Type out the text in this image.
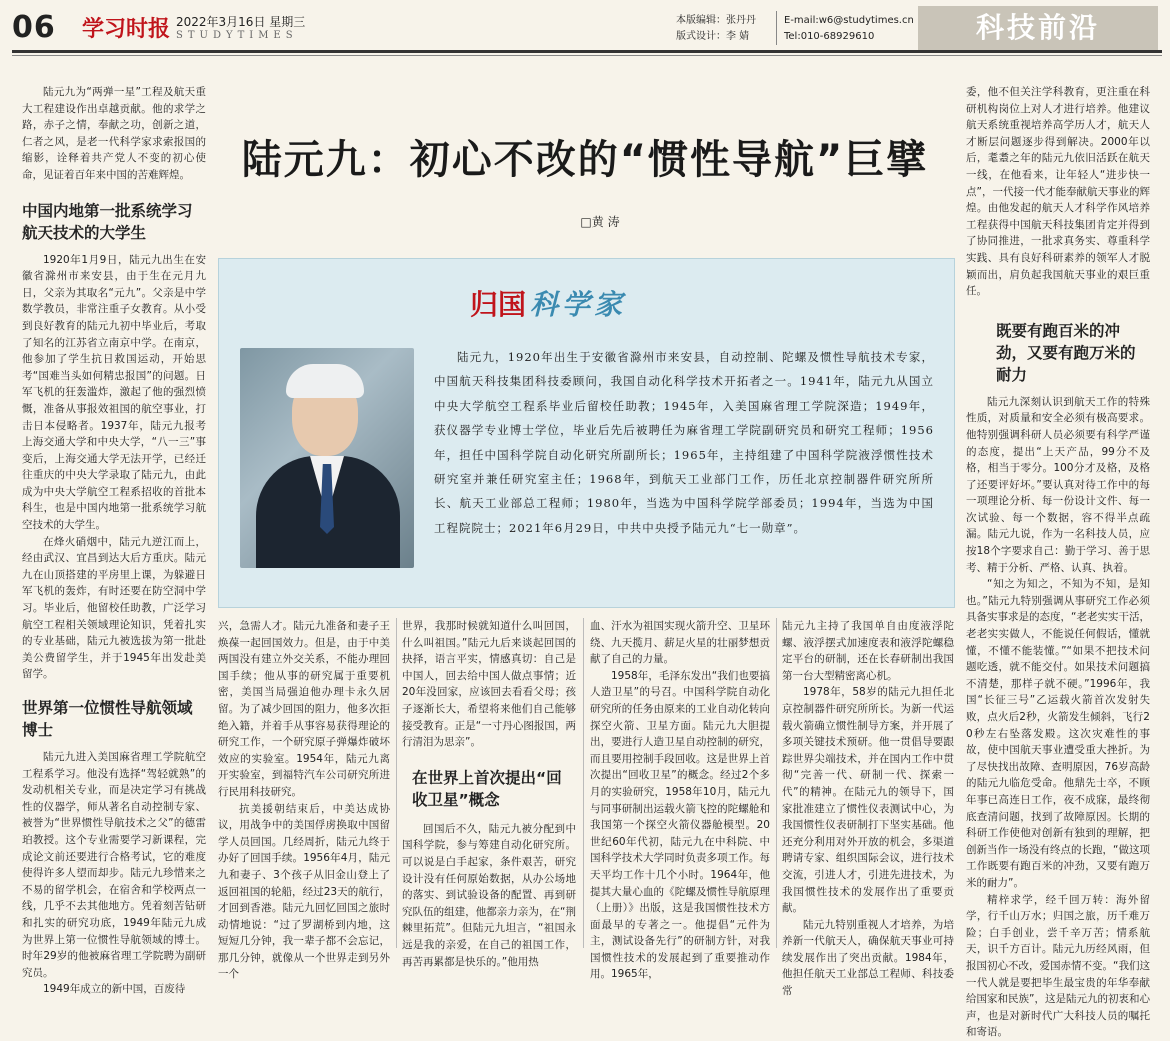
06 学习时报 2022年3月16日 星期三
STUDYTIMES
本版编辑：张丹丹
版式设计：李 婧
E-mail:w6@studytimes.cn
Tel:010-68929610	科技前沿

陆元九为“两弹一星”工程及航天重大工程建设作出卓越贡献。他的求学之路，赤子之情，奉献之功，创新之道，仁者之风，是老一代科学家求索报国的缩影，诠释着共产党人不变的初心使命，见证着百年来中国的苦难辉煌。

中国内地第一批系统学习航天技术的大学生

1920年1月9日，陆元九出生在安徽省滁州市来安县，由于生在元月九日，父亲为其取名“元九”。父亲是中学数学教员，非常注重子女教育。从小受到良好教育的陆元九初中毕业后，考取了知名的江苏省立南京中学。在南京，他参加了学生抗日救国运动，开始思考“国难当头如何精忠报国”的问题。日军飞机的狂轰滥炸，激起了他的强烈愤慨，准备从事报效祖国的航空事业，打击日本侵略者。1937年，陆元九报考上海交通大学和中央大学，“八一三”事变后，上海交通大学无法开学，已经迁往重庆的中央大学录取了陆元九，由此成为中央大学航空工程系招收的首批本科生，也是中国内地第一批系统学习航空技术的大学生。

在烽火硝烟中，陆元九逆江而上，经由武汉、宜昌到达大后方重庆。陆元九在山顶搭建的平房里上课，为躲避日军飞机的轰炸，有时还要在防空洞中学习。毕业后，他留校任助教，广泛学习航空工程相关领域理论知识，凭着扎实的专业基础，陆元九被选拔为第一批赴美公费留学生，并于1945年出发赴美留学。

世界第一位惯性导航领域博士

陆元九进入美国麻省理工学院航空工程系学习。他没有选择“驾轻就熟”的发动机相关专业，而是决定学习有挑战性的仪器学，师从著名自动控制专家、被誉为“世界惯性导航技术之父”的德雷珀教授。这个专业需要学习新课程，完成论文前还要进行合格考试，它的难度使得许多人望而却步。陆元九珍惜来之不易的留学机会，在宿舍和学校两点一线，几乎不去其他地方。凭着刻苦钻研和扎实的研究功底，1949年陆元九成为世界上第一位惯性导航领域的博士。时年29岁的他被麻省理工学院聘为副研究员。

1949年成立的新中国，百废待

陆元九：初心不改的“惯性导航”巨擘
□黄 涛
归国 科学家

陆元九，1920年出生于安徽省滁州市来安县，自动控制、陀螺及惯性导航技术专家，中国航天科技集团科技委顾问，我国自动化科学技术开拓者之一。1941年，陆元九从国立中央大学航空工程系毕业后留校任助教；1945年，入美国麻省理工学院深造；1949年，获仪器学专业博士学位，毕业后先后被聘任为麻省理工学院副研究员和研究工程师；1956年，担任中国科学院自动化研究所副所长；1965年，主持组建了中国科学院液浮惯性技术研究室并兼任研究室主任；1968年，到航天工业部门工作，历任北京控制器件研究所所长、航天工业部总工程师；1980年，当选为中国科学院学部委员；1994年，当选为中国工程院院士；2021年6月29日，中共中央授予陆元九“七一勋章”。

兴，急需人才。陆元九准备和妻子王焕葆一起回国效力。但是，由于中美两国没有建立外交关系，不能办理回国手续；他从事的研究属于重要机密，美国当局强迫他办理卡永久居留。为了减少回国的阻力，他多次拒绝入籍，并着手从事容易获得理论的研究工作，一个研究原子弹爆炸破坏效应的实验室。1954年，陆元九离开实验室，到福特汽车公司研究所进行民用科技研究。

抗美援朝结束后，中美达成协议，用战争中的美国俘虏换取中国留学人员回国。几经周折，陆元九终于办好了回国手续。1956年4月，陆元九和妻子、3个孩子从旧金山登上了返回祖国的轮船，经过23天的航行，才回到香港。陆元九回忆回国之旅时动情地说：“过了罗湖桥到内地，这短短几分钟，我一辈子都不会忘记，那几分钟，就像从一个世界走到另外一个

世界，我那时候就知道什么叫回国，什么叫祖国。”陆元九后来谈起回国的抉择，语言平实，情感真切：自己是中国人，回去给中国人做点事情；近20年没回家，应该回去看看父母；孩子逐渐长大，希望将来他们自己能够接受教育。正是“一寸丹心图报国，两行清泪为思亲”。

在世界上首次提出“回收卫星”概念

回国后不久，陆元九被分配到中国科学院，参与筹建自动化研究所。可以说是白手起家，条件艰苦，研究设计没有任何原始数据，从办公场地的落实、到试验设备的配置、再到研究队伍的组建，他都亲力亲为，在“荆棘里拓荒”。但陆元九坦言，“祖国永远是我的亲爱，在自己的祖国工作，再苦再累都是快乐的。”他用热

血、汗水为祖国实现火箭升空、卫星环绕、九天揽月、薪足火星的壮丽梦想贡献了自己的力量。

1958年，毛泽东发出“我们也要搞人造卫星”的号召。中国科学院自动化研究所的任务由原来的工业自动化转向探空火箭、卫星方面。陆元九大胆提出，要进行人造卫星自动控制的研究，而且要用控制手段回收。这是世界上首次提出“回收卫星”的概念。经过2个多月的实验研究，1958年10月，陆元九与同事研制出运载火箭飞控的陀螺舱和我国第一个探空火箭仪器舱模型。20世纪60年代初，陆元九在中科院、中国科学技术大学同时负责多项工作。每天平均工作十几个小时。1964年，他提其大量心血的《陀螺及惯性导航原理（上册）》出版，这是我国惯性技术方面最早的专著之一。他提倡“元件为主，测试设备先行”的研制方针，对我国惯性技术的发展起到了重要推动作用。1965年，

陆元九主持了我国单自由度液浮陀螺、液浮摆式加速度表和液浮陀螺稳定平台的研制，还在长春研制出我国第一台大型精密离心机。

1978年，58岁的陆元九担任北京控制器件研究所所长。为新一代运载火箭确立惯性制导方案，并开展了多项关键技术预研。他一贯倡导要跟踪世界尖端技术，并在国内工作中贯彻“完善一代、研制一代、探索一代”的精神。在陆元九的领导下，国家批准建立了惯性仪表测试中心，为我国惯性仪表研制打下坚实基础。他还充分利用对外开放的机会，多渠道聘请专家、组织国际会议，进行技术交流，引进人才，引进先进技术，为我国惯性技术的发展作出了重要贡献。

陆元九特别重视人才培养，为培养新一代航天人，确保航天事业可持续发展作出了突出贡献。1984年，他担任航天工业部总工程师、科技委常

委，他不但关注学科教育，更注重在科研机构岗位上对人才进行培养。他建议航天系统重视培养高学历人才，航天人才断层问题逐步得到解决。2000年以后，耄耋之年的陆元九依旧活跃在航天一线，在他看来，让年轻人“进步快一点”，一代接一代才能奉献航天事业的辉煌。由他发起的航天人才科学作风培养工程获得中国航天科技集团肯定并得到了协同推进，一批求真务实、尊重科学实践、具有良好科研素养的领军人才脱颖而出，肩负起我国航天事业的艰巨重任。

既要有跑百米的冲劲，又要有跑万米的耐力

陆元九深刻认识到航天工作的特殊性质，对质量和安全必须有极高要求。他特别强调科研人员必须要有科学严谨的态度，提出“上天产品，99分不及格，相当于零分。100分才及格，及格了还要评好坏。”要认真对待工作中的每一项理论分析、每一份设计文件、每一次试验、每一个数据，容不得半点疏漏。陆元九说，作为一名科技人员，应按18个字要求自己：勤于学习、善于思考、精于分析、严格、认真、执着。

“知之为知之，不知为不知，是知也。”陆元九特别强调从事研究工作必须具备实事求是的态度，“老老实实干活，老老实实做人，不能说任何假话，懂就懂，不懂不能装懂。”“如果不把技术问题吃透，就不能交付。如果技术问题搞不清楚，那样子就不硬。”1996年，我国“长征三号”乙运载火箭首次发射失败，点火后2秒，火箭发生倾斜，飞行20秒左右坠落发殿。这次灾难性的事故，使中国航天事业遭受重大挫折。为了尽快找出故障、查明原因，76岁高龄的陆元九临危受命。他鼎先士卒，不顾年事已高连日工作，夜不成寐，最终彻底查清问题，找到了故障原因。长期的科研工作使他对创新有独到的理解，把创新当作一场没有终点的长跑，“做这项工作既要有跑百米的冲劲，又要有跑万米的耐力”。

精梓求学，经千回万转：海外留学，行千山万水；归国之旅，历千难万险；白手创业，尝千辛万苦；情系航天，识千方百计。陆元九历经风雨，但报国初心不改，爱国赤情不变。“我们这一代人就是要把毕生最宝贵的年华奉献给国家和民族”，这是陆元九的初衷和心声，也是对新时代广大科技人员的嘱托和寄语。
